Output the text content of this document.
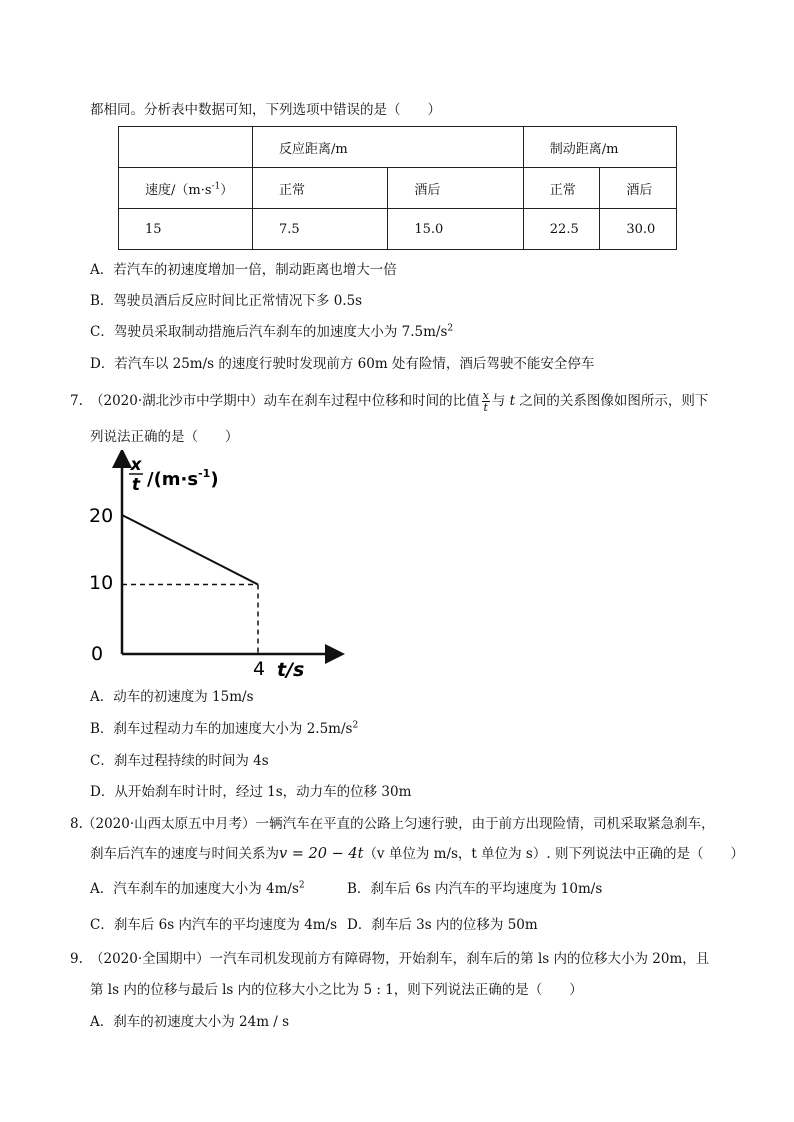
都相同。分析表中数据可知，下列选项中错误的是（　　）
	反应距离/m		制动距离/m	
速度$/(m\cdot s^{-1})$	正常	酒后	正常	酒后
15	7.5	15.0	22.5	30.0
A．若汽车的初速度增加一倍，制动距离也增大一倍
B．驾驶员酒后反应时间比正常情况下多 0.5s
C．驾驶员采取制动措施后汽车刹车的加速度大小为 $7.5m/s^2$
D．若汽车以 25m/s 的速度行驶时发现前方 60m 处有险情，酒后驾驶不能安全停车
7. （2020·湖北沙市中学期中）动车在刹车过程中位移和时间的比值 $\frac{x}{t}$ 与 t 之间的关系图像如图所示，则下
列说法正确的是（　　）
x
t $/(m\cdot s^{-1})$
20
10
0
4 t/s
A．动车的初速度为 15m/s
B．刹车过程动力车的加速度大小为 $2.5m/s^2$
C．刹车过程持续的时间为 4s
D．从开始刹车时计时，经过 1s，动力车的位移 30m
8. （2020·山西太原五中月考）一辆汽车在平直的公路上匀速行驶，由于前方出现险情，司机采取紧急刹车，
刹车后汽车的速度与时间关系为v = 20 − 4t（v 单位为 m/s，t 单位为 s）. 则下列说法中正确的是（　　）
A．汽车刹车的加速度大小为 $4m/s^2$	B．刹车后 6s 内汽车的平均速度为 10m/s
C．刹车后 6s 内汽车的平均速度为 4m/s D．刹车后 3s 内的位移为 50m
9. （2020·全国期中）一汽车司机发现前方有障碍物，开始刹车，刹车后的第 ls 内的位移大小为 20m，且
第 ls 内的位移与最后 ls 内的位移大小之比为 5 : 1，则下列说法正确的是（　　）
A．刹车的初速度大小为 24m / s
